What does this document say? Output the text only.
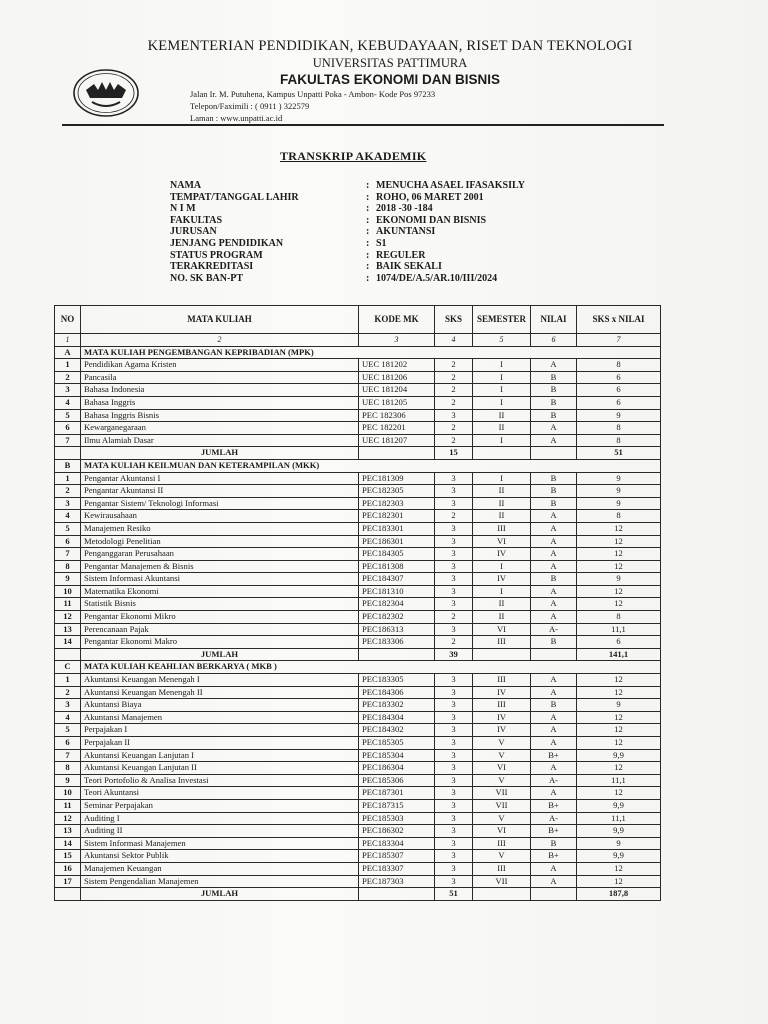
KEMENTERIAN PENDIDIKAN, KEBUDAYAAN, RISET DAN TEKNOLOGI
UNIVERSITAS PATTIMURA
FAKULTAS EKONOMI DAN BISNIS
Jalan Ir. M. Putuhena, Kampus Unpatti Poka - Ambon- Kode Pos 97233
Telepon/Faximili : ( 0911 ) 322579
Laman : www.unpatti.ac.id
TRANSKRIP AKADEMIK
NAMA	: MENUCHA ASAEL IFASAKSILY
TEMPAT/TANGGAL LAHIR	: ROHO, 06 MARET 2001
N I M	: 2018 -30 -184
FAKULTAS	: EKONOMI DAN BISNIS
JURUSAN	: AKUNTANSI
JENJANG PENDIDIKAN	: S1
STATUS PROGRAM	: REGULER
TERAKREDITASI	: BAIK SEKALI
NO. SK BAN-PT	: 1074/DE/A.5/AR.10/III/2024
NO	MATA KULIAH	KODE MK	SKS	SEMESTER	NILAI	SKS x NILAI
1	2	3	4	5	6	7
A	MATA KULIAH PENGEMBANGAN KEPRIBADIAN (MPK)					
1	Pendidikan Agama Kristen	UEC 181202	2	I	A	8
2	Pancasila	UEC 181206	2	I	B	6
3	Bahasa Indonesia	UEC 181204	2	I	B	6
4	Bahasa Inggris	UEC 181205	2	I	B	6
5	Bahasa Inggris Bisnis	PEC 182306	3	II	B	9
6	Kewarganegaraan	PEC 182201	2	II	A	8
7	Ilmu Alamiah Dasar	UEC 181207	2	I	A	8
	JUMLAH		15			51
B	MATA KULIAH KEILMUAN DAN KETERAMPILAN (MKK)					
1	Pengantar Akuntansi I	PEC181309	3	I	B	9
2	Pengantar Akuntansi II	PEC182305	3	II	B	9
3	Pengantar Sistem/ Teknologi Informasi	PEC182303	3	II	B	9
4	Kewirausahaan	PEC182301	2	II	A	8
5	Manajemen Resiko	PEC183301	3	III	A	12
6	Metodologi Penelitian	PEC186301	3	VI	A	12
7	Penganggaran Perusahaan	PEC184305	3	IV	A	12
8	Pengantar Manajemen & Bisnis	PEC181308	3	I	A	12
9	Sistem Informasi Akuntansi	PEC184307	3	IV	B	9
10	Matematika Ekonomi	PEC181310	3	I	A	12
11	Statistik Bisnis	PEC182304	3	II	A	12
12	Pengantar Ekonomi Mikro	PEC182302	2	II	A	8
13	Perencanaan Pajak	PEC186313	3	VI	A-	11,1
14	Pengantar Ekonomi Makro	PEC183306	2	III	B	6
	JUMLAH		39			141,1
C	MATA KULIAH KEAHLIAN BERKARYA ( MKB )					
1	Akuntansi Keuangan Menengah I	PEC183305	3	III	A	12
2	Akuntansi Keuangan Menengah II	PEC184306	3	IV	A	12
3	Akuntansi Biaya	PEC183302	3	III	B	9
4	Akuntansi Manajemen	PEC184304	3	IV	A	12
5	Perpajakan I	PEC184302	3	IV	A	12
6	Perpajakan II	PEC185305	3	V	A	12
7	Akuntansi Keuangan Lanjutan I	PEC185304	3	V	B+	9,9
8	Akuntansi Keuangan Lanjutan II	PEC186304	3	VI	A	12
9	Teori Portofolio & Analisa Investasi	PEC185306	3	V	A-	11,1
10	Teori Akuntansi	PEC187301	3	VII	A	12
11	Seminar Perpajakan	PEC187315	3	VII	B+	9,9
12	Auditing I	PEC185303	3	V	A-	11,1
13	Auditing II	PEC186302	3	VI	B+	9,9
14	Sistem Informasi Manajemen	PEC183304	3	III	B	9
15	Akuntansi Sektor Publik	PEC185307	3	V	B+	9,9
16	Manajemen Keuangan	PEC183307	3	III	A	12
17	Sistem Pengendalian Manajemen	PEC187303	3	VII	A	12
	JUMLAH		51			187,8
